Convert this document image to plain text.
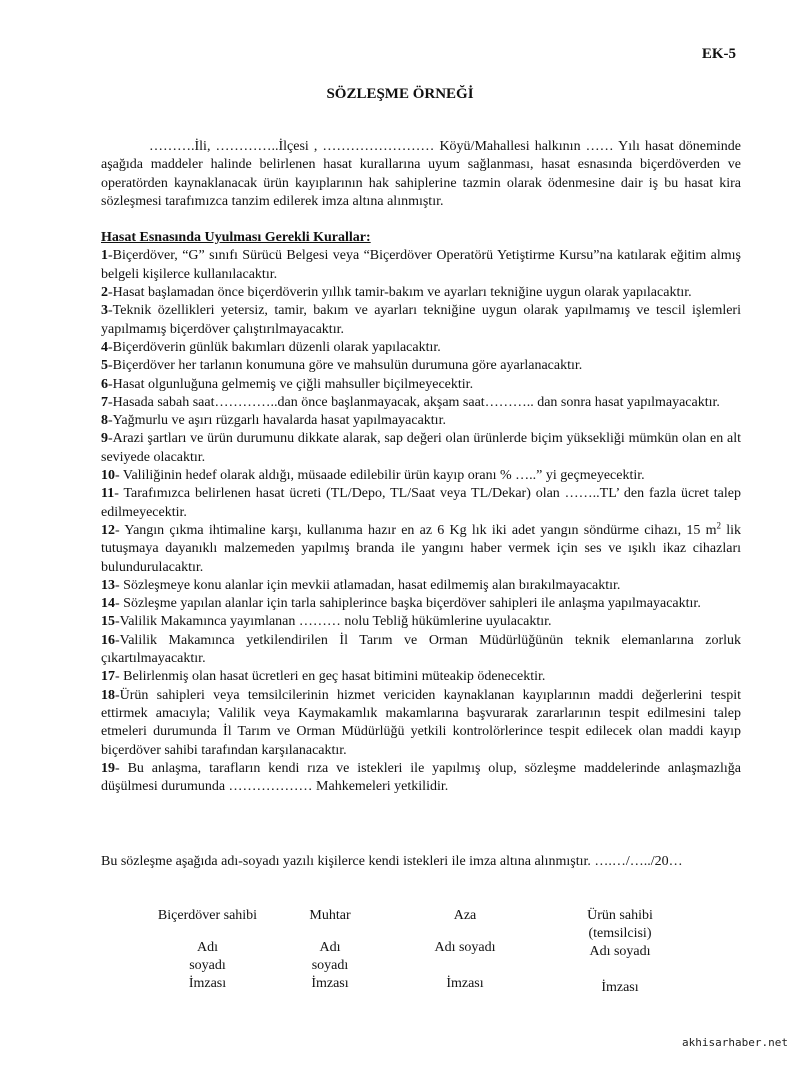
EK-5
SÖZLEŞME ÖRNEĞİ

……….İli, …………..İlçesi , …………………… Köyü/Mahallesi halkının …… Yılı hasat döneminde aşağıda maddeler halinde belirlenen hasat kurallarına uyum sağlanması, hasat esnasında biçerdöverden ve operatörden kaynaklanacak ürün kayıplarının hak sahiplerine tazmin olarak ödenmesine dair iş bu hasat kira sözleşmesi tarafımızca tanzim edilerek imza altına alınmıştır.

Hasat Esnasında Uyulması Gerekli Kurallar:

1-Biçerdöver, “G” sınıfı Sürücü Belgesi veya “Biçerdöver Operatörü Yetiştirme Kursu”na katılarak eğitim almış belgeli kişilerce kullanılacaktır.

2-Hasat başlamadan önce biçerdöverin yıllık tamir-bakım ve ayarları tekniğine uygun olarak yapılacaktır.

3-Teknik özellikleri yetersiz, tamir, bakım ve ayarları tekniğine uygun olarak yapılmamış ve tescil işlemleri yapılmamış biçerdöver çalıştırılmayacaktır.

4-Biçerdöverin günlük bakımları düzenli olarak yapılacaktır.

5-Biçerdöver her tarlanın konumuna göre ve mahsulün durumuna göre ayarlanacaktır.

6-Hasat olgunluğuna gelmemiş ve çiğli mahsuller biçilmeyecektir.

7-Hasada sabah saat…………..dan önce başlanmayacak, akşam saat……….. dan sonra hasat yapılmayacaktır.

8-Yağmurlu ve aşırı rüzgarlı havalarda hasat yapılmayacaktır.

9-Arazi şartları ve ürün durumunu dikkate alarak, sap değeri olan ürünlerde biçim yüksekliği mümkün olan en alt seviyede olacaktır.

10- Valiliğinin hedef olarak aldığı, müsaade edilebilir ürün kayıp oranı % …..” yi geçmeyecektir.

11- Tarafımızca belirlenen hasat ücreti (TL/Depo, TL/Saat veya TL/Dekar) olan ……..TL’ den fazla ücret talep edilmeyecektir.

12- Yangın çıkma ihtimaline karşı, kullanıma hazır en az 6 Kg lık iki adet yangın söndürme cihazı, 15 $m^2$ lik tutuşmaya dayanıklı malzemeden yapılmış branda ile yangını haber vermek için ses ve ışıklı ikaz cihazları bulundurulacaktır.

13- Sözleşmeye konu alanlar için mevkii atlamadan, hasat edilmemiş alan bırakılmayacaktır.

14- Sözleşme yapılan alanlar için tarla sahiplerince başka biçerdöver sahipleri ile anlaşma yapılmayacaktır.

15-Valilik Makamınca yayımlanan ……… nolu Tebliğ hükümlerine uyulacaktır.

16-Valilik Makamınca yetkilendirilen İl Tarım ve Orman Müdürlüğünün teknik elemanlarına zorluk çıkartılmayacaktır.

17- Belirlenmiş olan hasat ücretleri en geç hasat bitimini müteakip ödenecektir.

18-Ürün sahipleri veya temsilcilerinin hizmet vericiden kaynaklanan kayıplarının maddi değerlerini tespit ettirmek amacıyla; Valilik veya Kaymakamlık makamlarına başvurarak zararlarının tespit edilmesini talep etmeleri durumunda İl Tarım ve Orman Müdürlüğü yetkili kontrolörlerince tespit edilecek olan maddi kayıp biçerdöver sahibi tarafından karşılanacaktır.

19- Bu anlaşma, tarafların kendi rıza ve istekleri ile yapılmış olup, sözleşme maddelerinde anlaşmazlığa düşülmesi durumunda ……………… Mahkemeleri yetkilidir.

Bu sözleşme aşağıda adı-soyadı yazılı kişilerce kendi istekleri ile imza altına alınmıştır. ….…/…../20…
Biçerdöver sahibi
Adı
soyadı
İmzası
Muhtar
Adı
soyadı
İmzası
Aza
Adı soyadı
İmzası
Ürün sahibi
(temsilcisi)
Adı soyadı
İmzası
akhisarhaber.net
